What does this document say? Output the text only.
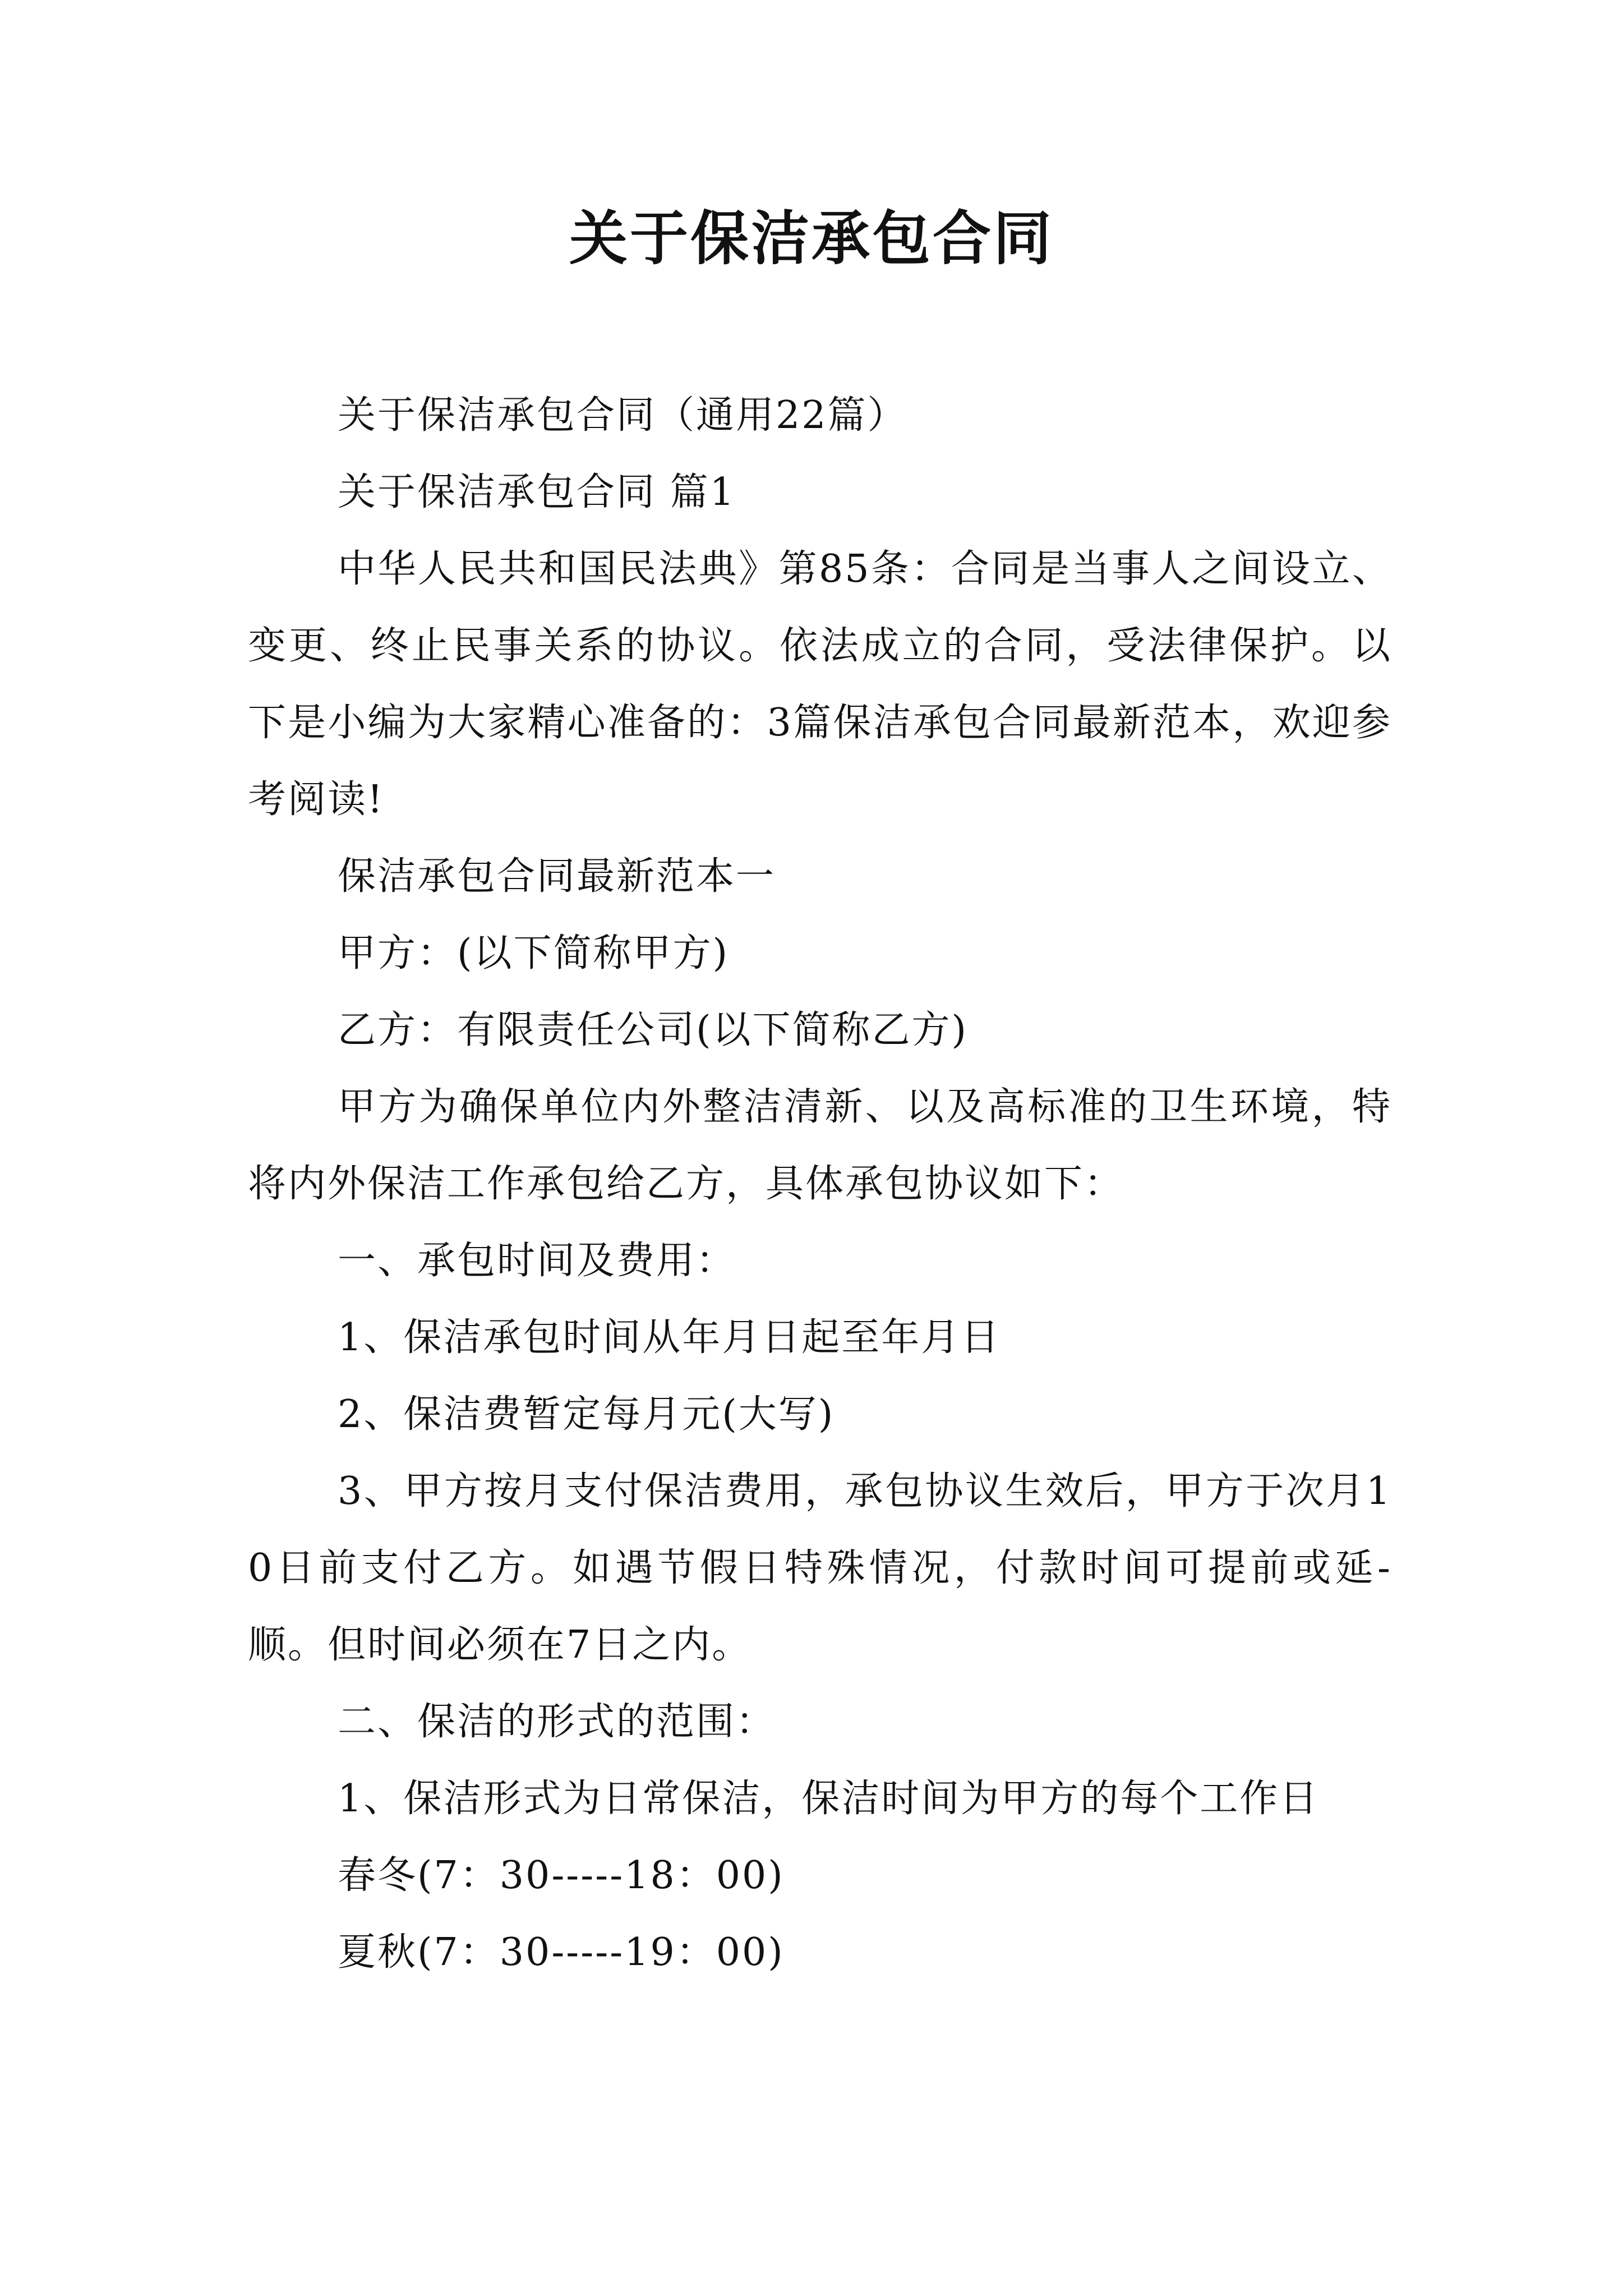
关于保洁承包合同

关于保洁承包合同（通用22篇）

关于保洁承包合同 篇1

中华人民共和国民法典》第85条：合同是当事人之间设立、变更、终止民事关系的协议。依法成立的合同，受法律保护。以下是小编为大家精心准备的：3篇保洁承包合同最新范本，欢迎参考阅读!

保洁承包合同最新范本一

甲方：(以下简称甲方)

乙方：有限责任公司(以下简称乙方)

甲方为确保单位内外整洁清新、以及高标准的卫生环境，特将内外保洁工作承包给乙方，具体承包协议如下：

一、承包时间及费用：

1、保洁承包时间从年月日起至年月日

2、保洁费暂定每月元(大写)

3、甲方按月支付保洁费用，承包协议生效后，甲方于次月10日前支付乙方。如遇节假日特殊情况，付款时间可提前或延-顺。但时间必须在7日之内。

二、保洁的形式的范围：

1、保洁形式为日常保洁，保洁时间为甲方的每个工作日

春冬(7：30-----18：00)

夏秋(7：30-----19：00)
